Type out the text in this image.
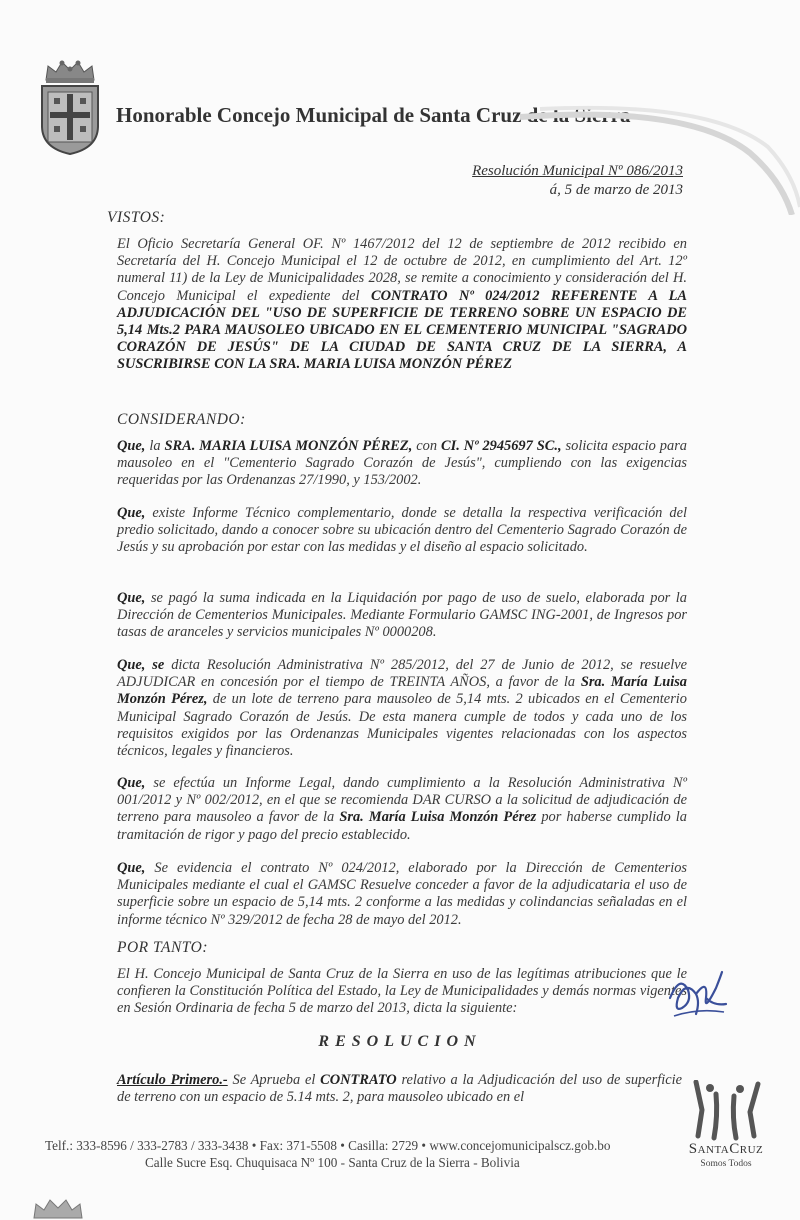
Honorable Concejo Municipal de Santa Cruz de la Sierra
Resolución Municipal Nº 086/2013
á, 5 de marzo de 2013
VISTOS:
El Oficio Secretaría General OF. Nº 1467/2012 del 12 de septiembre de 2012 recibido en Secretaría del H. Concejo Municipal el 12 de octubre de 2012, en cumplimiento del Art. 12º numeral 11) de la Ley de Municipalidades 2028, se remite a conocimiento y consideración del H. Concejo Municipal el expediente del CONTRATO Nº 024/2012 REFERENTE A LA ADJUDICACIÓN DEL "USO DE SUPERFICIE DE TERRENO SOBRE UN ESPACIO DE 5,14 Mts.2 PARA MAUSOLEO UBICADO EN EL CEMENTERIO MUNICIPAL "SAGRADO CORAZÓN DE JESÚS" DE LA CIUDAD DE SANTA CRUZ DE LA SIERRA, A SUSCRIBIRSE CON LA SRA. MARIA LUISA MONZÓN PÉREZ
CONSIDERANDO:
Que, la SRA. MARIA LUISA MONZÓN PÉREZ, con CI. Nº 2945697 SC., solicita espacio para mausoleo en el "Cementerio Sagrado Corazón de Jesús", cumpliendo con las exigencias requeridas por las Ordenanzas 27/1990, y 153/2002.
Que, existe Informe Técnico complementario, donde se detalla la respectiva verificación del predio solicitado, dando a conocer sobre su ubicación dentro del Cementerio Sagrado Corazón de Jesús y su aprobación por estar con las medidas y el diseño al espacio solicitado.
Que, se pagó la suma indicada en la Liquidación por pago de uso de suelo, elaborada por la Dirección de Cementerios Municipales. Mediante Formulario GAMSC ING-2001, de Ingresos por tasas de aranceles y servicios municipales Nº 0000208.
Que, se dicta Resolución Administrativa Nº 285/2012, del 27 de Junio de 2012, se resuelve ADJUDICAR en concesión por el tiempo de TREINTA AÑOS, a favor de la Sra. María Luisa Monzón Pérez, de un lote de terreno para mausoleo de 5,14 mts. 2 ubicados en el Cementerio Municipal Sagrado Corazón de Jesús. De esta manera cumple de todos y cada uno de los requisitos exigidos por las Ordenanzas Municipales vigentes relacionadas con los aspectos técnicos, legales y financieros.
Que, se efectúa un Informe Legal, dando cumplimiento a la Resolución Administrativa Nº 001/2012 y Nº 002/2012, en el que se recomienda DAR CURSO a la solicitud de adjudicación de terreno para mausoleo a favor de la Sra. María Luisa Monzón Pérez por haberse cumplido la tramitación de rigor y pago del precio establecido.
Que, Se evidencia el contrato Nº 024/2012, elaborado por la Dirección de Cementerios Municipales mediante el cual el GAMSC Resuelve conceder a favor de la adjudicataria el uso de superficie sobre un espacio de 5,14 mts. 2 conforme a las medidas y colindancias señaladas en el informe técnico Nº 329/2012 de fecha 28 de mayo del 2012.
POR TANTO:
El H. Concejo Municipal de Santa Cruz de la Sierra en uso de las legítimas atribuciones que le confieren la Constitución Política del Estado, la Ley de Municipalidades y demás normas vigentes en Sesión Ordinaria de fecha 5 de marzo del 2013, dicta la siguiente:
RESOLUCION
Artículo Primero.- Se Aprueba el CONTRATO relativo a la Adjudicación del uso de superficie de terreno con un espacio de 5.14 mts. 2, para mausoleo ubicado en el
Telf.: 333-8596 / 333-2783 / 333-3438 • Fax: 371-5508 • Casilla: 2729 • www.concejomunicipalscz.gob.bo
Calle Sucre Esq. Chuquisaca Nº 100 - Santa Cruz de la Sierra - Bolivia
SantaCruz
Somos Todos
